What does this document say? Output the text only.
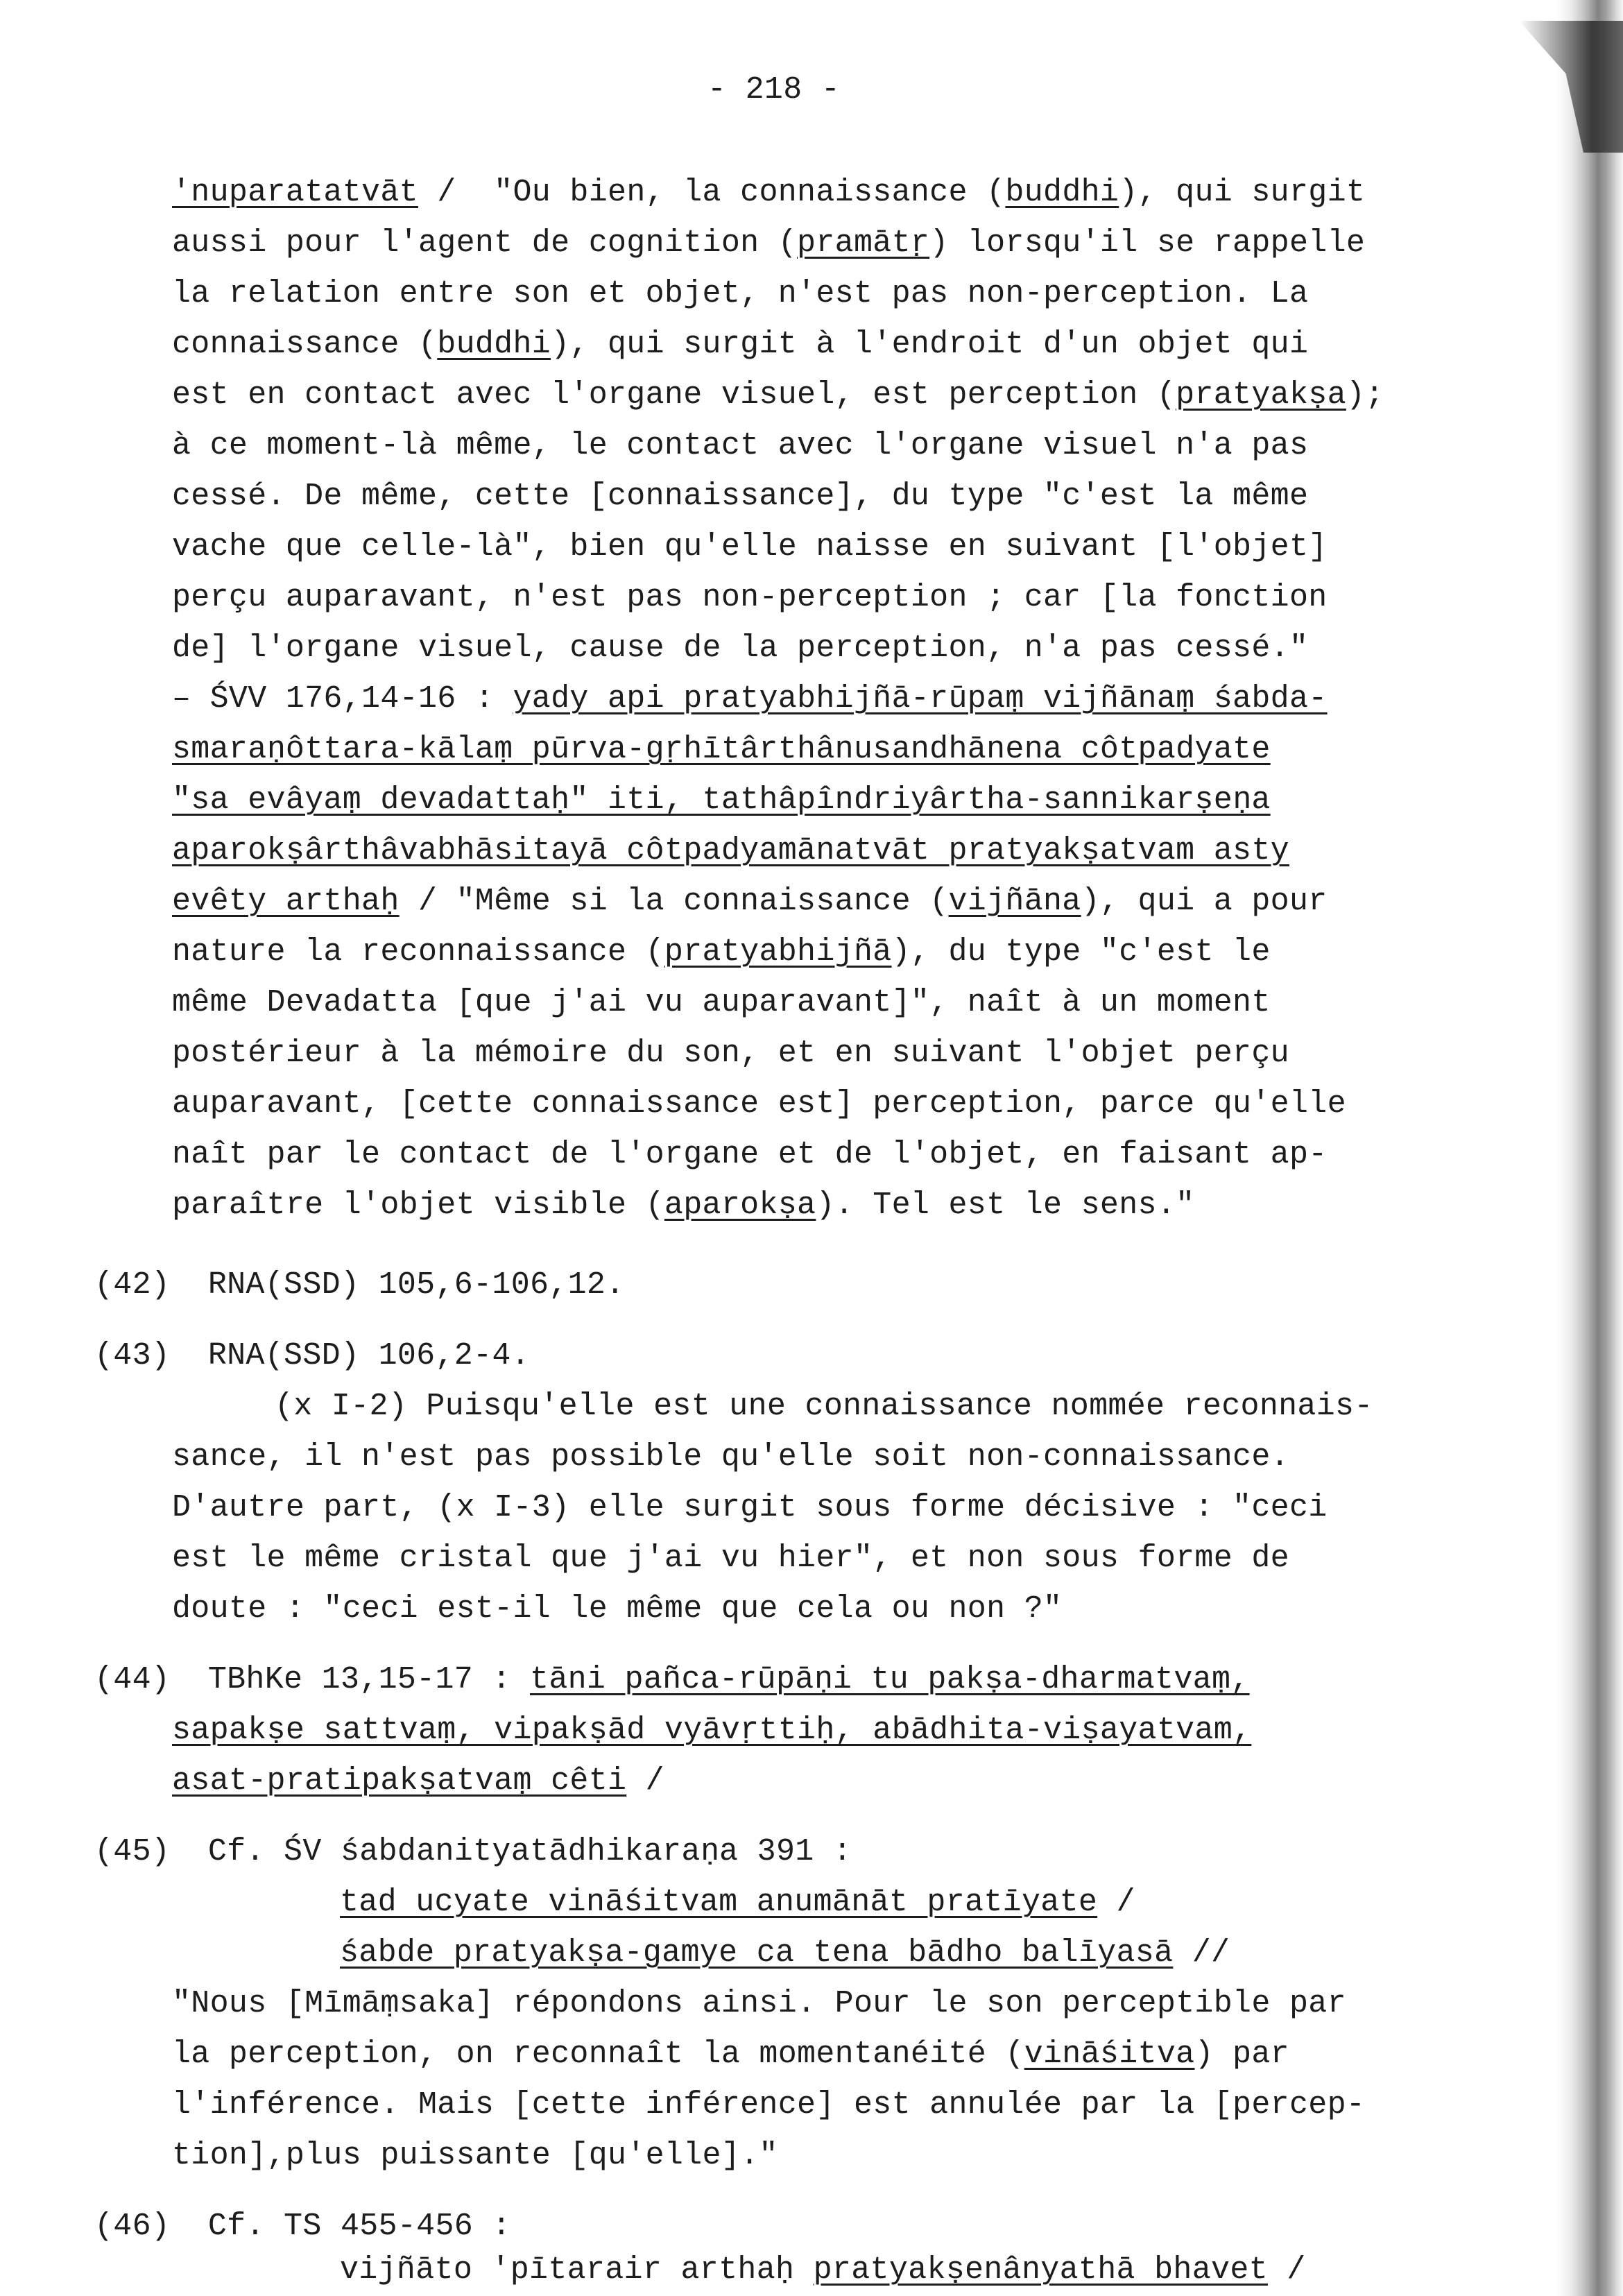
- 218 -
'nuparatatvāt /  "Ou bien, la connaissance (buddhi), qui surgit
aussi pour l'agent de cognition (pramātṛ) lorsqu'il se rappelle
la relation entre son et objet, n'est pas non-perception. La
connaissance (buddhi), qui surgit à l'endroit d'un objet qui
est en contact avec l'organe visuel, est perception (pratyakṣa);
à ce moment-là même, le contact avec l'organe visuel n'a pas
cessé. De même, cette [connaissance], du type "c'est la même
vache que celle-là", bien qu'elle naisse en suivant [l'objet]
perçu auparavant, n'est pas non-perception ; car [la fonction
de] l'organe visuel, cause de la perception, n'a pas cessé."
– ŚVV 176,14-16 : yady api pratyabhijñā-rūpaṃ vijñānaṃ śabda-
smaraṇôttara-kālaṃ pūrva-gṛhītârthânusandhānena côtpadyate
"sa evâyaṃ devadattaḥ" iti, tathâpîndriyârtha-sannikarṣeṇa
aparokṣârthâvabhāsitayā côtpadyamānatvāt pratyakṣatvam asty
evêty arthaḥ / "Même si la connaissance (vijñāna), qui a pour
nature la reconnaissance (pratyabhijñā), du type "c'est le
même Devadatta [que j'ai vu auparavant]", naît à un moment
postérieur à la mémoire du son, et en suivant l'objet perçu
auparavant, [cette connaissance est] perception, parce qu'elle
naît par le contact de l'organe et de l'objet, en faisant ap-
paraître l'objet visible (aparokṣa). Tel est le sens."
(42)  RNA(SSD) 105,6-106,12.
(43)  RNA(SSD) 106,2-4.
(x I-2) Puisqu'elle est une connaissance nommée reconnais-
sance, il n'est pas possible qu'elle soit non-connaissance.
D'autre part, (x I-3) elle surgit sous forme décisive : "ceci
est le même cristal que j'ai vu hier", et non sous forme de
doute : "ceci est-il le même que cela ou non ?"
(44)  TBhKe 13,15-17 : tāni pañca-rūpāṇi tu pakṣa-dharmatvaṃ,
sapakṣe sattvaṃ, vipakṣād vyāvṛttiḥ, abādhita-viṣayatvam,
asat-pratipakṣatvaṃ cêti /
(45)  Cf. ŚV śabdanityatādhikaraṇa 391 :
tad ucyate vināśitvam anumānāt pratīyate /
śabde pratyakṣa-gamye ca tena bādho balīyasā //
"Nous [Mīmāṃsaka] répondons ainsi. Pour le son perceptible par
la perception, on reconnaît la momentanéité (vināśitva) par
l'inférence. Mais [cette inférence] est annulée par la [percep-
tion],plus puissante [qu'elle]."
(46)  Cf. TS 455-456 :
vijñāto 'pītarair arthaḥ pratyakṣenânyathā bhavet /
